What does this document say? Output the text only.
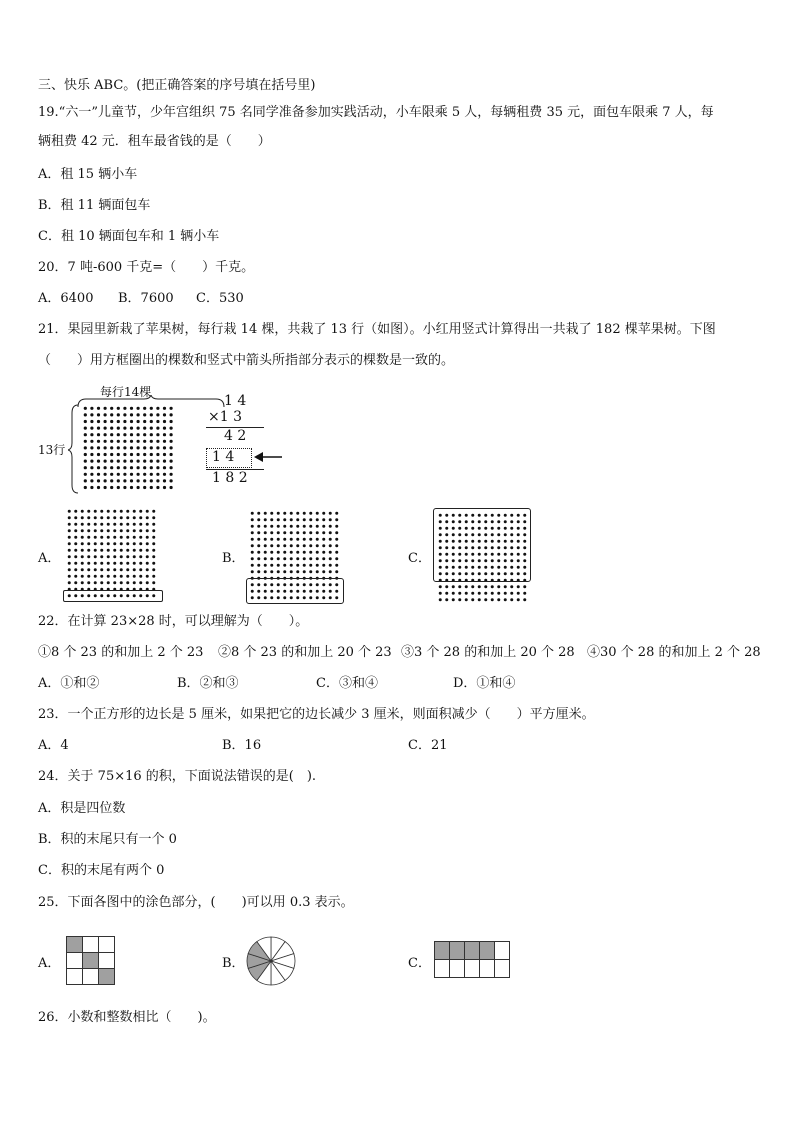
三、快乐 ABC。(把正确答案的序号填在括号里)
19.“六一”儿童节，少年宫组织 75 名同学准备参加实践活动，小车限乘 5 人，每辆租费 35 元，面包车限乘 7 人，每
辆租费 42 元．租车最省钱的是（　　）
A．租 15 辆小车
B．租 11 辆面包车
C．租 10 辆面包车和 1 辆小车
20．7 吨-600 千克=（　　）千克。
A．6400 B．7600 C．530
21．果园里新栽了苹果树，每行栽 14 棵，共栽了 13 行（如图）。小红用竖式计算得出一共栽了 182 棵苹果树。下图
（　　）用方框圈出的棵数和竖式中箭头所指部分表示的棵数是一致的。
每行14棵
13行
1 4
×1 3
4 2
1 4
1 8 2
A．	B．	C．
22．在计算 23×28 时，可以理解为（　　）。
①8 个 23 的和加上 2 个 23 ②8 个 23 的和加上 20 个 23 ③3 个 28 的和加上 20 个 28 ④30 个 28 的和加上 2 个 28
A．①和②	B．②和③	C．③和④	D．①和④
23．一个正方形的边长是 5 厘米，如果把它的边长减少 3 厘米，则面积减少（　　）平方厘米。
A．4	B．16	C．21
24．关于 75×16 的积，下面说法错误的是(　).
A．积是四位数
B．积的末尾只有一个 0
C．积的末尾有两个 0
25．下面各图中的涂色部分，(　　)可以用 0.3 表示。
A．	B．	C．
26．小数和整数相比（　　)。
